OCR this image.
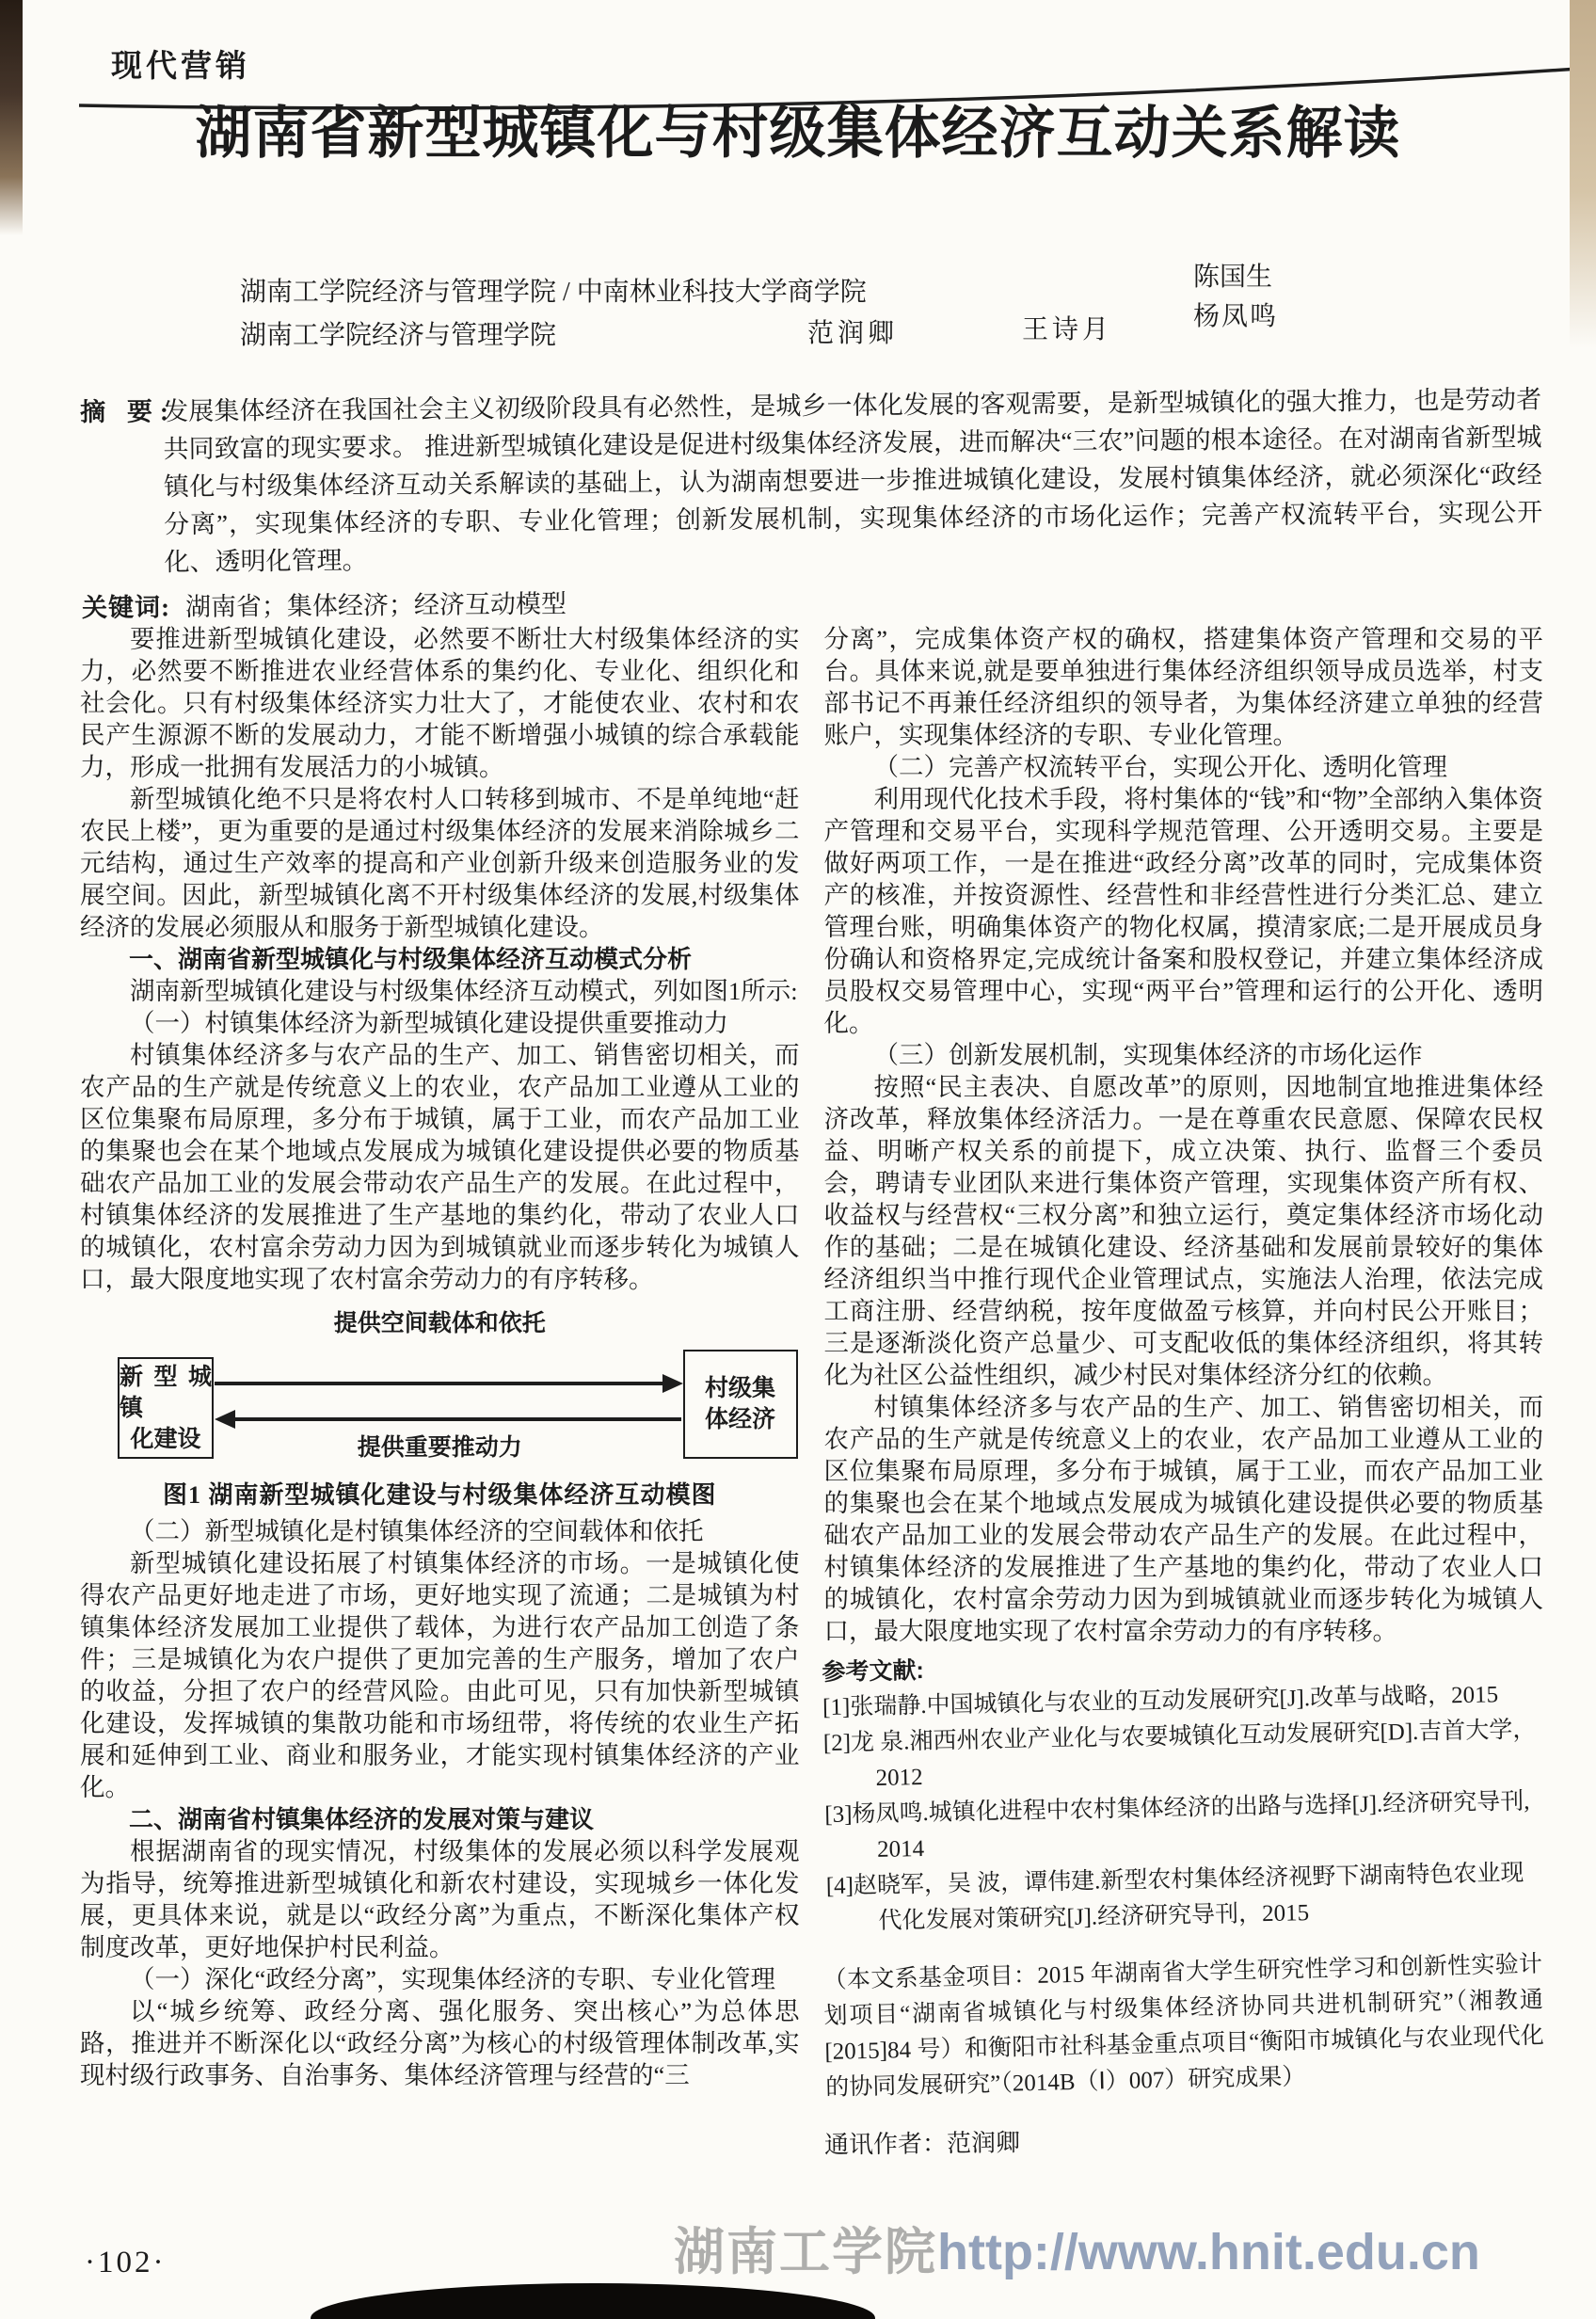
现代营销
湖南省新型城镇化与村级集体经济互动关系解读
湖南工学院经济与管理学院 / 中南林业科技大学商学院
陈国生
湖南工学院经济与管理学院	范润卿	王诗月	杨凤鸣
摘 要:

发展集体经济在我国社会主义初级阶段具有必然性，是城乡一体化发展的客观需要，是新型城镇化的强大推力，也是劳动者共同致富的现实要求。 推进新型城镇化建设是促进村级集体经济发展，进而解决“三农”问题的根本途径。在对湖南省新型城镇化与村级集体经济互动关系解读的基础上，认为湖南想要进一步推进城镇化建设，发展村镇集体经济，就必须深化“政经分离”，实现集体经济的专职、专业化管理；创新发展机制，实现集体经济的市场化运作；完善产权流转平台，实现公开化、透明化管理。

关键词: 湖南省；集体经济；经济互动模型

要推进新型城镇化建设，必然要不断壮大村级集体经济的实力，必然要不断推进农业经营体系的集约化、专业化、组织化和社会化。只有村级集体经济实力壮大了，才能使农业、农村和农民产生源源不断的发展动力，才能不断增强小城镇的综合承载能力，形成一批拥有发展活力的小城镇。

新型城镇化绝不只是将农村人口转移到城市、不是单纯地“赶农民上楼”，更为重要的是通过村级集体经济的发展来消除城乡二元结构，通过生产效率的提高和产业创新升级来创造服务业的发展空间。因此，新型城镇化离不开村级集体经济的发展,村级集体经济的发展必须服从和服务于新型城镇化建设。

一、湖南省新型城镇化与村级集体经济互动模式分析

湖南新型城镇化建设与村级集体经济互动模式，列如图1所示:

（一）村镇集体经济为新型城镇化建设提供重要推动力

村镇集体经济多与农产品的生产、加工、销售密切相关，而农产品的生产就是传统意义上的农业，农产品加工业遵从工业的区位集聚布局原理，多分布于城镇，属于工业，而农产品加工业的集聚也会在某个地域点发展成为城镇化建设提供必要的物质基础农产品加工业的发展会带动农产品生产的发展。在此过程中，村镇集体经济的发展推进了生产基地的集约化，带动了农业人口的城镇化，农村富余劳动力因为到城镇就业而逐步转化为城镇人口，最大限度地实现了农村富余劳动力的有序转移。

提供空间载体和依托
新型城镇
化建设
村级集
体经济
提供重要推动力
图1 湖南新型城镇化建设与村级集体经济互动模图

（二）新型城镇化是村镇集体经济的空间载体和依托

新型城镇化建设拓展了村镇集体经济的市场。一是城镇化使得农产品更好地走进了市场，更好地实现了流通；二是城镇为村镇集体经济发展加工业提供了载体，为进行农产品加工创造了条件；三是城镇化为农户提供了更加完善的生产服务，增加了农户的收益，分担了农户的经营风险。由此可见，只有加快新型城镇化建设，发挥城镇的集散功能和市场纽带，将传统的农业生产拓展和延伸到工业、商业和服务业，才能实现村镇集体经济的产业化。

二、湖南省村镇集体经济的发展对策与建议

根据湖南省的现实情况，村级集体的发展必须以科学发展观为指导，统筹推进新型城镇化和新农村建设，实现城乡一体化发展，更具体来说，就是以“政经分离”为重点，不断深化集体产权制度改革，更好地保护村民利益。

（一）深化“政经分离”，实现集体经济的专职、专业化管理

以“城乡统筹、政经分离、强化服务、突出核心”为总体思路，推进并不断深化以“政经分离”为核心的村级管理体制改革,实现村级行政事务、自治事务、集体经济管理与经营的“三

分离”，完成集体资产权的确权，搭建集体资产管理和交易的平台。具体来说,就是要单独进行集体经济组织领导成员选举，村支部书记不再兼任经济组织的领导者，为集体经济建立单独的经营账户，实现集体经济的专职、专业化管理。

（二）完善产权流转平台，实现公开化、透明化管理

利用现代化技术手段，将村集体的“钱”和“物”全部纳入集体资产管理和交易平台，实现科学规范管理、公开透明交易。主要是做好两项工作，一是在推进“政经分离”改革的同时，完成集体资产的核准，并按资源性、经营性和非经营性进行分类汇总、建立管理台账，明确集体资产的物化权属，摸清家底;二是开展成员身份确认和资格界定,完成统计备案和股权登记，并建立集体经济成员股权交易管理中心，实现“两平台”管理和运行的公开化、透明化。

（三）创新发展机制，实现集体经济的市场化运作

按照“民主表决、自愿改革”的原则，因地制宜地推进集体经济改革，释放集体经济活力。一是在尊重农民意愿、保障农民权益、明晰产权关系的前提下，成立决策、执行、监督三个委员会，聘请专业团队来进行集体资产管理，实现集体资产所有权、收益权与经营权“三权分离”和独立运行，奠定集体经济市场化动作的基础；二是在城镇化建设、经济基础和发展前景较好的集体经济组织当中推行现代企业管理试点，实施法人治理，依法完成工商注册、经营纳税，按年度做盈亏核算，并向村民公开账目；三是逐渐淡化资产总量少、可支配收低的集体经济组织，将其转化为社区公益性组织，减少村民对集体经济分红的依赖。

村镇集体经济多与农产品的生产、加工、销售密切相关，而农产品的生产就是传统意义上的农业，农产品加工业遵从工业的区位集聚布局原理，多分布于城镇，属于工业，而农产品加工业的集聚也会在某个地域点发展成为城镇化建设提供必要的物质基础农产品加工业的发展会带动农产品生产的发展。在此过程中，村镇集体经济的发展推进了生产基地的集约化，带动了农业人口的城镇化，农村富余劳动力因为到城镇就业而逐步转化为城镇人口，最大限度地实现了农村富余劳动力的有序转移。

参考文献:

[1]张瑞静.中国城镇化与农业的互动发展研究[J].改革与战略，2015

[2]龙 泉.湘西州农业产业化与农要城镇化互动发展研究[D].吉首大学，2012

[3]杨凤鸣.城镇化进程中农村集体经济的出路与选择[J].经济研究导刊, 2014

[4]赵晓军，吴 波，谭伟建.新型农村集体经济视野下湖南特色农业现代化发展对策研究[J].经济研究导刊，2015

（本文系基金项目：2015 年湖南省大学生研究性学习和创新性实验计划项目“湖南省城镇化与村级集体经济协同共进机制研究”（湘教通[2015]84 号）和衡阳市社科基金重点项目“衡阳市城镇化与农业现代化的协同发展研究”（2014B（Ⅰ）007）研究成果）
通讯作者：范润卿
·102·	湖南工学院http://www.hnit.edu.cn
